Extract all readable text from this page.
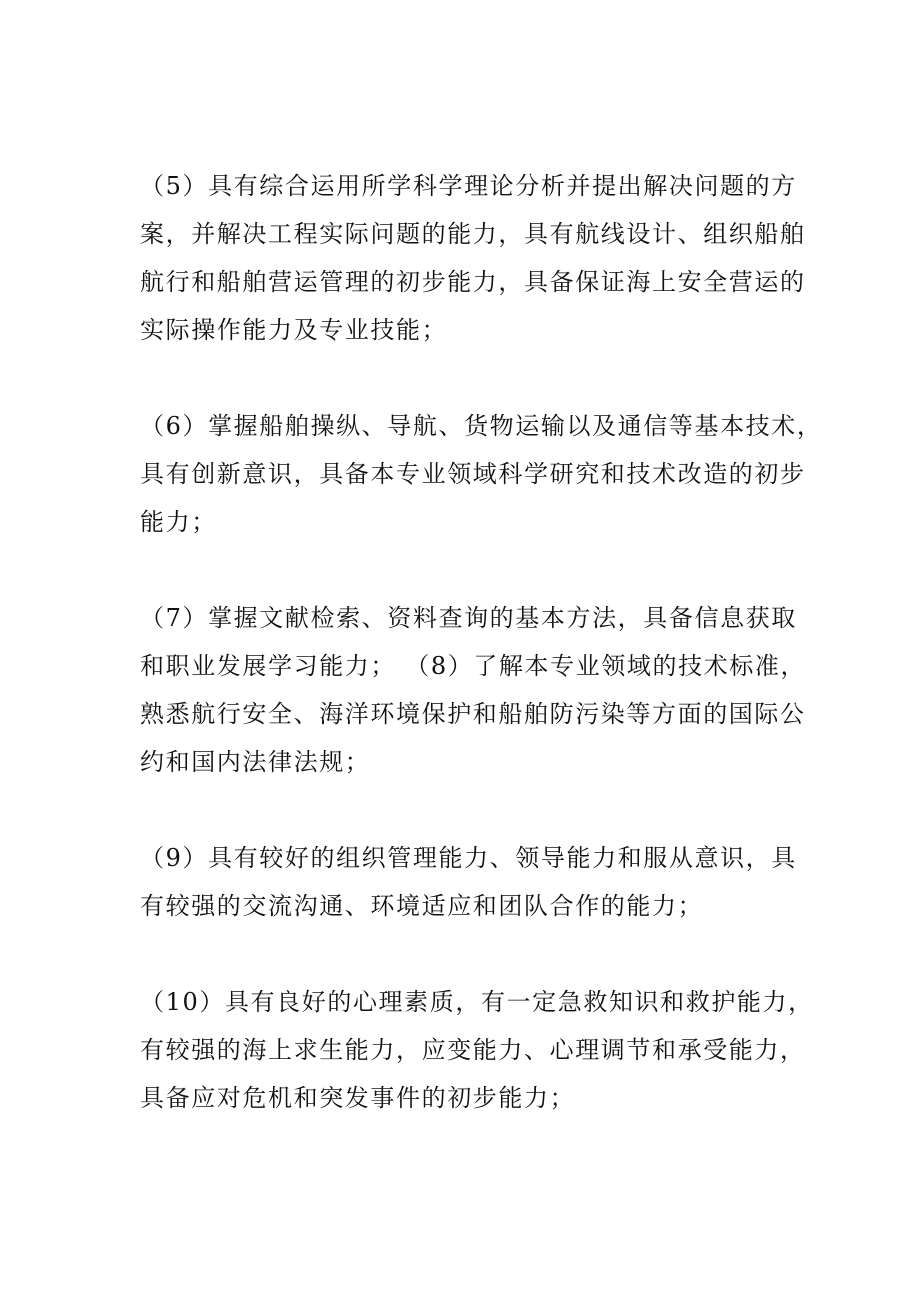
（5）具有综合运用所学科学理论分析并提出解决问题的方
案，并解决工程实际问题的能力，具有航线设计、组织船舶
航行和船舶营运管理的初步能力，具备保证海上安全营运的
实际操作能力及专业技能；

（6）掌握船舶操纵、导航、货物运输以及通信等基本技术，
具有创新意识，具备本专业领域科学研究和技术改造的初步
能力；

（7）掌握文献检索、资料查询的基本方法，具备信息获取
和职业发展学习能力； （8）了解本专业领域的技术标准，
熟悉航行安全、海洋环境保护和船舶防污染等方面的国际公
约和国内法律法规；

（9）具有较好的组织管理能力、领导能力和服从意识，具
有较强的交流沟通、环境适应和团队合作的能力；

（10）具有良好的心理素质，有一定急救知识和救护能力，
有较强的海上求生能力，应变能力、心理调节和承受能力，
具备应对危机和突发事件的初步能力；
